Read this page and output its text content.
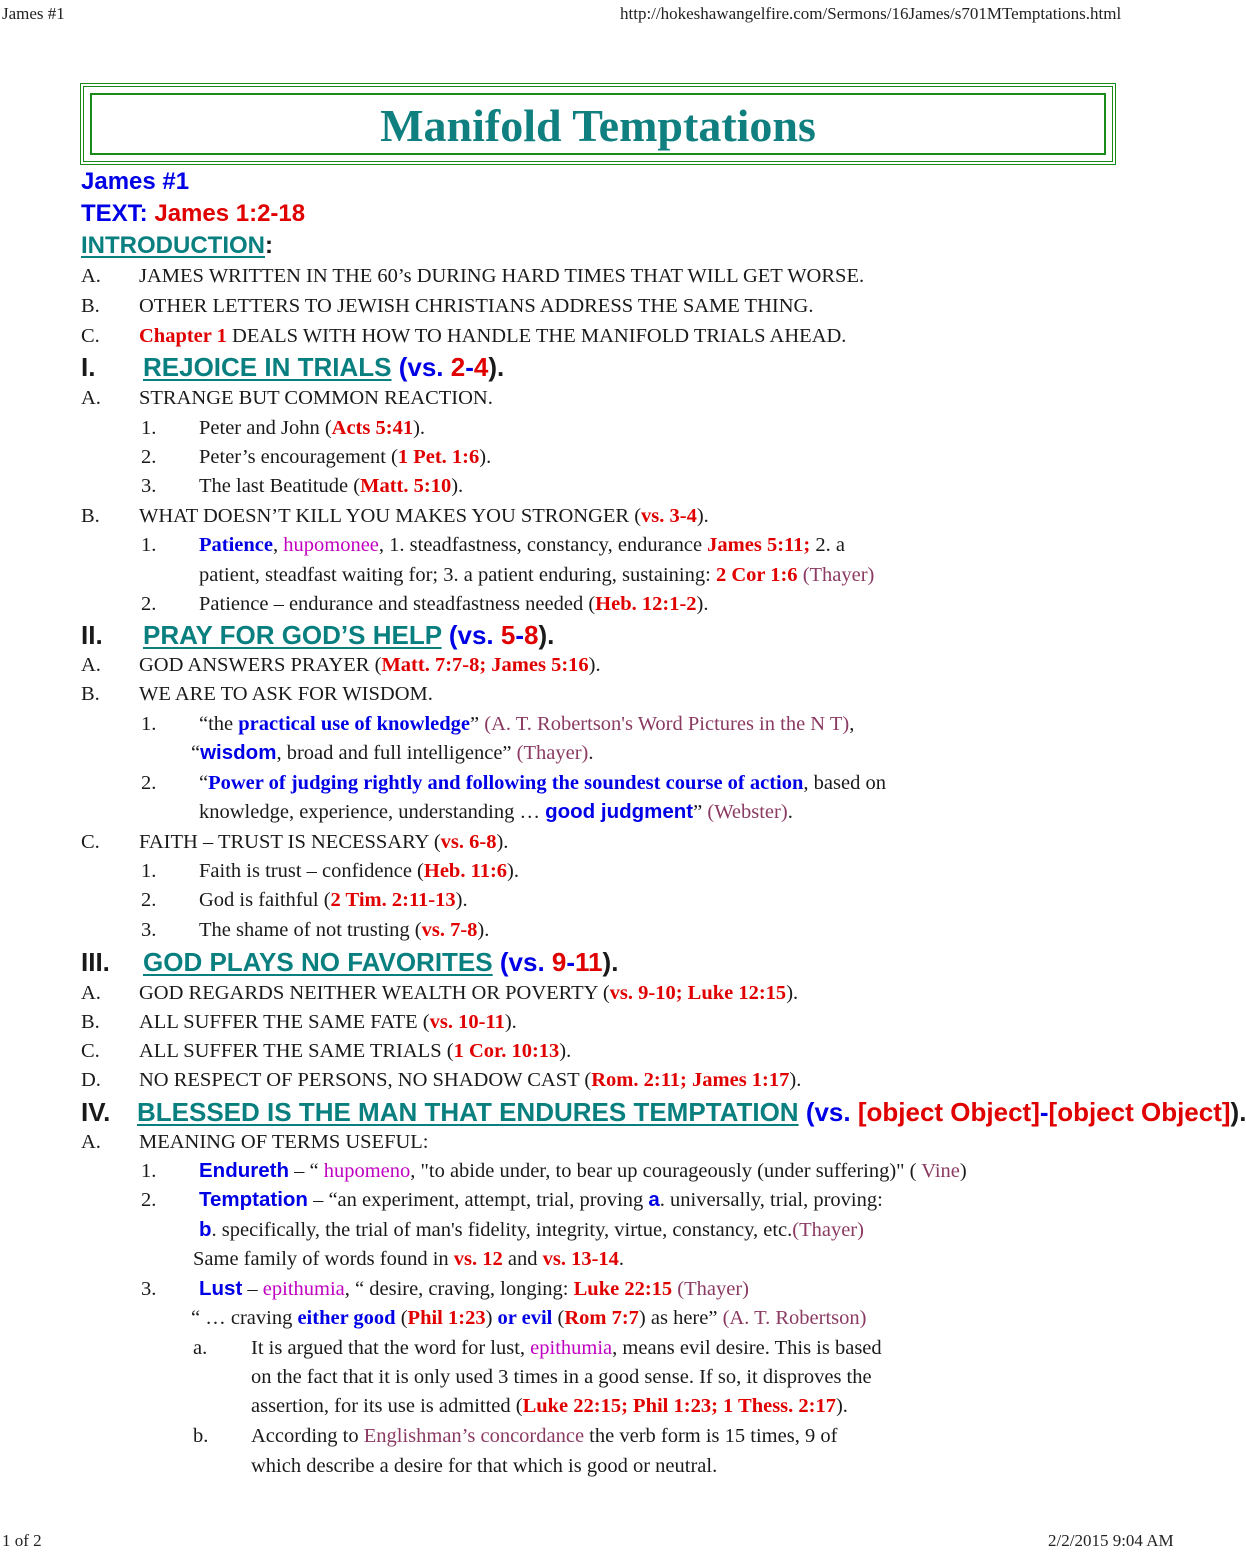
James #1	http://hokeshawangelfire.com/Sermons/16James/s701MTemptations.html
1 of 2	2/2/2015 9:04 AM
Manifold Temptations
James #1
TEXT: James 1:2-18
INTRODUCTION:
A. JAMES WRITTEN IN THE 60’s DURING HARD TIMES THAT WILL GET WORSE.
B. OTHER LETTERS TO JEWISH CHRISTIANS ADDRESS THE SAME THING.
C. Chapter 1 DEALS WITH HOW TO HANDLE THE MANIFOLD TRIALS AHEAD.
I. REJOICE IN TRIALS (vs. 2-4).
A. STRANGE BUT COMMON REACTION.
1. Peter and John (Acts 5:41).
2. Peter’s encouragement (1 Pet. 1:6).
3. The last Beatitude (Matt. 5:10).
B. WHAT DOESN’T KILL YOU MAKES YOU STRONGER (vs. 3-4).
1. Patience, hupomonee, 1. steadfastness, constancy, endurance James 5:11; 2. a
patient, steadfast waiting for; 3. a patient enduring, sustaining: 2 Cor 1:6 (Thayer)
2. Patience – endurance and steadfastness needed (Heb. 12:1-2).
II. PRAY FOR GOD’S HELP (vs. 5-8).
A. GOD ANSWERS PRAYER (Matt. 7:7-8; James 5:16).
B. WE ARE TO ASK FOR WISDOM.
1. “the practical use of knowledge” (A. T. Robertson's Word Pictures in the N T),
“wisdom, broad and full intelligence” (Thayer).
2. “Power of judging rightly and following the soundest course of action, based on
knowledge, experience, understanding … good judgment” (Webster).
C. FAITH – TRUST IS NECESSARY (vs. 6-8).
1. Faith is trust – confidence (Heb. 11:6).
2. God is faithful (2 Tim. 2:11-13).
3. The shame of not trusting (vs. 7-8).
III. GOD PLAYS NO FAVORITES (vs. 9-11).
A. GOD REGARDS NEITHER WEALTH OR POVERTY (vs. 9-10; Luke 12:15).
B. ALL SUFFER THE SAME FATE (vs. 10-11).
C. ALL SUFFER THE SAME TRIALS (1 Cor. 10:13).
D. NO RESPECT OF PERSONS, NO SHADOW CAST (Rom. 2:11; James 1:17).
IV. BLESSED IS THE MAN THAT ENDURES TEMPTATION (vs. [object Object]-[object Object]).
A. MEANING OF TERMS USEFUL:
1. Endureth – “ hupomeno, "to abide under, to bear up courageously (under suffering)" ( Vine)
2. Temptation – “an experiment, attempt, trial, proving a. universally, trial, proving:
b. specifically, the trial of man's fidelity, integrity, virtue, constancy, etc.(Thayer)
Same family of words found in vs. 12 and vs. 13-14.
3. Lust – epithumia, “ desire, craving, longing: Luke 22:15 (Thayer)
“ … craving either good (Phil 1:23) or evil (Rom 7:7) as here” (A. T. Robertson)
a. It is argued that the word for lust, epithumia, means evil desire. This is based
on the fact that it is only used 3 times in a good sense. If so, it disproves the
assertion, for its use is admitted (Luke 22:15; Phil 1:23; 1 Thess. 2:17).
b. According to Englishman’s concordance the verb form is 15 times, 9 of
which describe a desire for that which is good or neutral.
